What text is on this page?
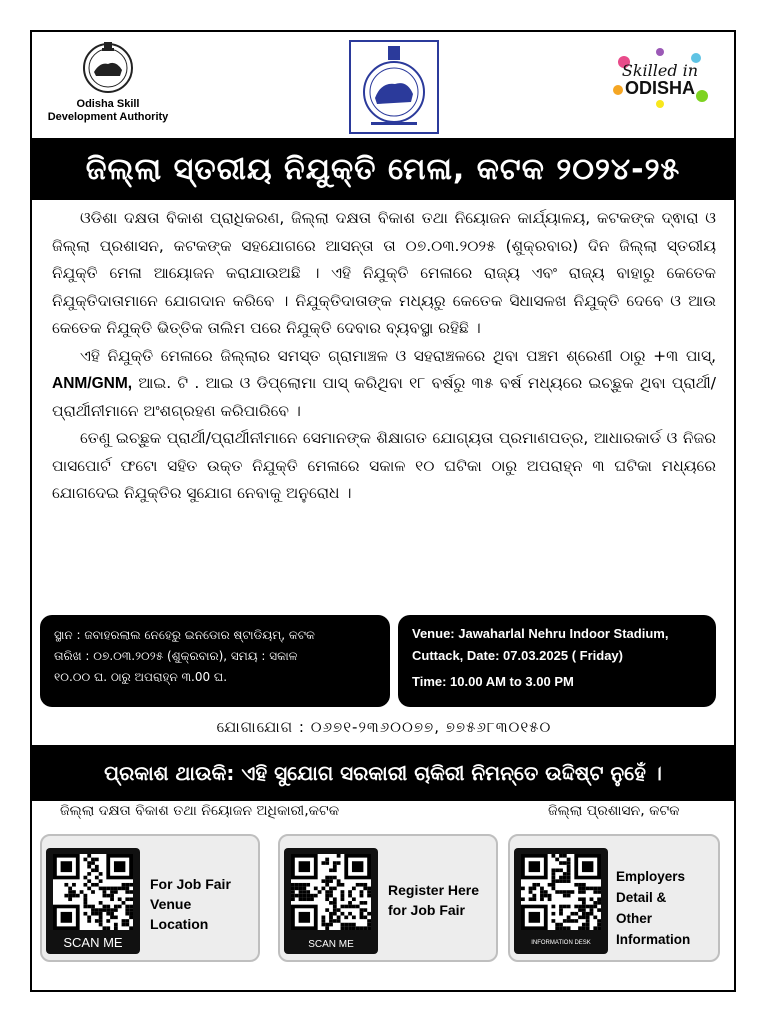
Odisha Skill
Development Authority
Skilled in
ODISHA
ଜିଲ୍ଲା ସ୍ତରୀୟ ନିଯୁକ୍ତି ମେଳା, କଟକ ୨୦୨୪-୨୫

ଓଡିଶା ଦକ୍ଷତା ବିକାଶ ପ୍ରାଧିକରଣ, ଜିଲ୍ଲା ଦକ୍ଷତା ବିକାଶ ତଥା ନିୟୋଜନ କାର୍ଯ୍ୟାଳୟ, କଟକଙ୍କ ଦ୍ଵାରା ଓ ଜିଲ୍ଲା ପ୍ରଶାସନ, କଟକଙ୍କ ସହଯୋଗରେ ଆସନ୍ତା ତା ୦୭.୦୩.୨୦୨୫ (ଶୁକ୍ରବାର) ଦିନ ଜିଲ୍ଲା ସ୍ତରୀୟ ନିଯୁକ୍ତି ମେଳା ଆୟୋଜନ କରାଯାଉଅଛି । ଏହି ନିଯୁକ୍ତି ମେଳାରେ ରାଜ୍ୟ ଏବଂ ରାଜ୍ୟ ବାହାରୁ କେତେକ ନିଯୁକ୍ତିଦାତାମାନେ ଯୋଗଦାନ କରିବେ । ନିଯୁକ୍ତିଦାତାଙ୍କ ମଧ୍ୟରୁ କେତେକ ସିଧାସଳଖ ନିଯୁକ୍ତି ଦେବେ ଓ ଆଉ କେତେକ ନିଯୁକ୍ତି ଭିତ୍ତିକ ତାଲିମ ପରେ ନିଯୁକ୍ତି ଦେବାର ବ୍ୟବସ୍ଥା ରହିଛି ।

ଏହି ନିଯୁକ୍ତି ମେଳାରେ ଜିଲ୍ଲାର ସମସ୍ତ ଗ୍ରାମାଞ୍ଚଳ ଓ ସହରାଞ୍ଚଳରେ ଥିବା ପଞ୍ଚମ ଶ୍ରେଣୀ ଠାରୁ +୩ ପାସ୍, ANM/GNM, ଆଇ. ଟି . ଆଇ ଓ ଡିପ୍ଲୋମା ପାସ୍ କରିଥିବା ୧୮ ବର୍ଷରୁ ୩୫ ବର୍ଷ ମଧ୍ୟରେ ଇଚ୍ଛୁକ ଥିବା ପ୍ରାର୍ଥୀ/ପ୍ରାର୍ଥୀନୀମାନେ ଅଂଶଗ୍ରହଣ କରିପାରିବେ ।

ତେଣୁ ଇଚ୍ଛୁକ ପ୍ରାର୍ଥୀ/ପ୍ରାର୍ଥୀନୀମାନେ ସେମାନଙ୍କ ଶିକ୍ଷାଗତ ଯୋଗ୍ୟତା ପ୍ରମାଣପତ୍ର, ଆଧାରକାର୍ଡ ଓ ନିଜର ପାସପୋର୍ଟ ଫଟୋ ସହିତ ଉକ୍ତ ନିଯୁକ୍ତି ମେଳାରେ ସକାଳ ୧୦ ଘଟିକା ଠାରୁ ଅପରାହ୍ନ ୩ ଘଟିକା ମଧ୍ୟରେ ଯୋଗଦେଇ ନିଯୁକ୍ତିର ସୁଯୋଗ ନେବାକୁ ଅନୁରୋଧ ।

ସ୍ଥାନ : ଜବାହରଲାଲ ନେହେରୁ ଇନଡୋର ଷ୍ଟାଡିୟମ୍, କଟକ
ତାରିଖ : ୦୭.୦୩.୨୦୨୫ (ଶୁକ୍ରବାର), ସମୟ : ସକାଳ
୧୦.୦୦ ଘ. ଠାରୁ ଅପରାହ୍ନ ୩.00 ଘ.
Venue: Jawaharlal Nehru Indoor Stadium,
Cuttack, Date: 07.03.2025 ( Friday)
Time: 10.00 AM to 3.00 PM
ଯୋଗାଯୋଗ : ୦୬୭୧-୨୩୬୦୦୭୭, ୭୭୫୬୮୩୦୧୫୦
ପ୍ରକାଶ ଥାଉକି: ଏହି ସୁଯୋଗ ସରକାରୀ ଚାକିରୀ ନିମନ୍ତେ ଉଦ୍ଦିଷ୍ଟ ନୁହେଁ ।
ଜିଲ୍ଲା ଦକ୍ଷତା ବିକାଶ ତଥା ନିୟୋଜନ ଅଧିକାରୀ,କଟକ	ଜିଲ୍ଲା ପ୍ରଶାସନ, କଟକ
SCAN ME
For Job Fair
Venue
Location
SCAN ME
Register Here
for Job Fair
INFORMATION DESK
Employers
Detail &
Other
Information
